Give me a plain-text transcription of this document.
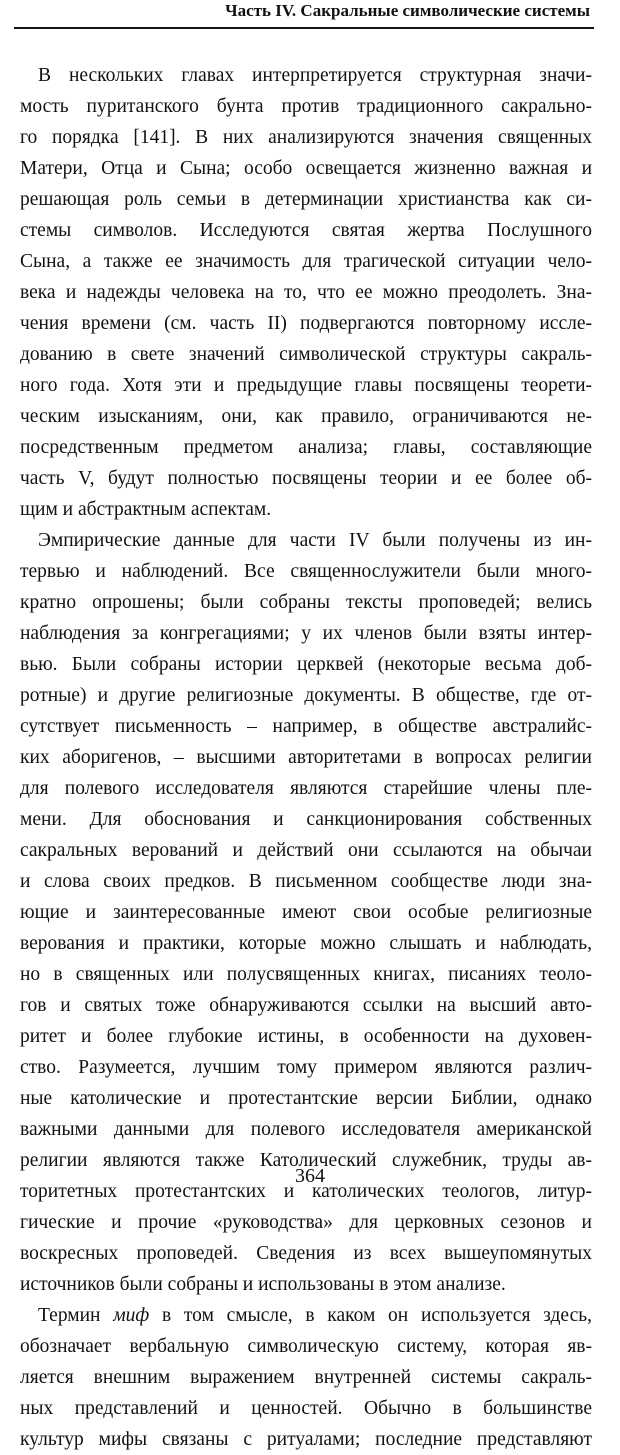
Часть IV. Сакральные символические системы
В нескольких главах интерпретируется структурная значи-
мость пуританского бунта против традиционного сакрально-
го порядка [141]. В них анализируются значения священных
Матери, Отца и Сына; особо освещается жизненно важная и
решающая роль семьи в детерминации христианства как си-
стемы символов. Исследуются святая жертва Послушного
Сына, а также ее значимость для трагической ситуации чело-
века и надежды человека на то, что ее можно преодолеть. Зна-
чения времени (см. часть II) подвергаются повторному иссле-
дованию в свете значений символической структуры сакраль-
ного года. Хотя эти и предыдущие главы посвящены теорети-
ческим изысканиям, они, как правило, ограничиваются не-
посредственным предметом анализа; главы, составляющие
часть V, будут полностью посвящены теории и ее более об-
щим и абстрактным аспектам.
Эмпирические данные для части IV были получены из ин-
тервью и наблюдений. Все священнослужители были много-
кратно опрошены; были собраны тексты проповедей; велись
наблюдения за конгрегациями; у их членов были взяты интер-
вью. Были собраны истории церквей (некоторые весьма доб-
ротные) и другие религиозные документы. В обществе, где от-
сутствует письменность – например, в обществе австралийс-
ких аборигенов, – высшими авторитетами в вопросах религии
для полевого исследователя являются старейшие члены пле-
мени. Для обоснования и санкционирования собственных
сакральных верований и действий они ссылаются на обычаи
и слова своих предков. В письменном сообществе люди зна-
ющие и заинтересованные имеют свои особые религиозные
верования и практики, которые можно слышать и наблюдать,
но в священных или полусвященных книгах, писаниях теоло-
гов и святых тоже обнаруживаются ссылки на высший авто-
ритет и более глубокие истины, в особенности на духовен-
ство. Разумеется, лучшим тому примером являются различ-
ные католические и протестантские версии Библии, однако
важными данными для полевого исследователя американской
религии являются также Католический служебник, труды ав-
торитетных протестантских и католических теологов, литур-
гические и прочие «руководства» для церковных сезонов и
воскресных проповедей. Сведения из всех вышеупомянутых
источников были собраны и использованы в этом анализе.
Термин миф в том смысле, в каком он используется здесь,
обозначает вербальную символическую систему, которая яв-
ляется внешним выражением внутренней системы сакраль-
ных представлений и ценностей. Обычно в большинстве
культур мифы связаны с ритуалами; последние представляют
364
